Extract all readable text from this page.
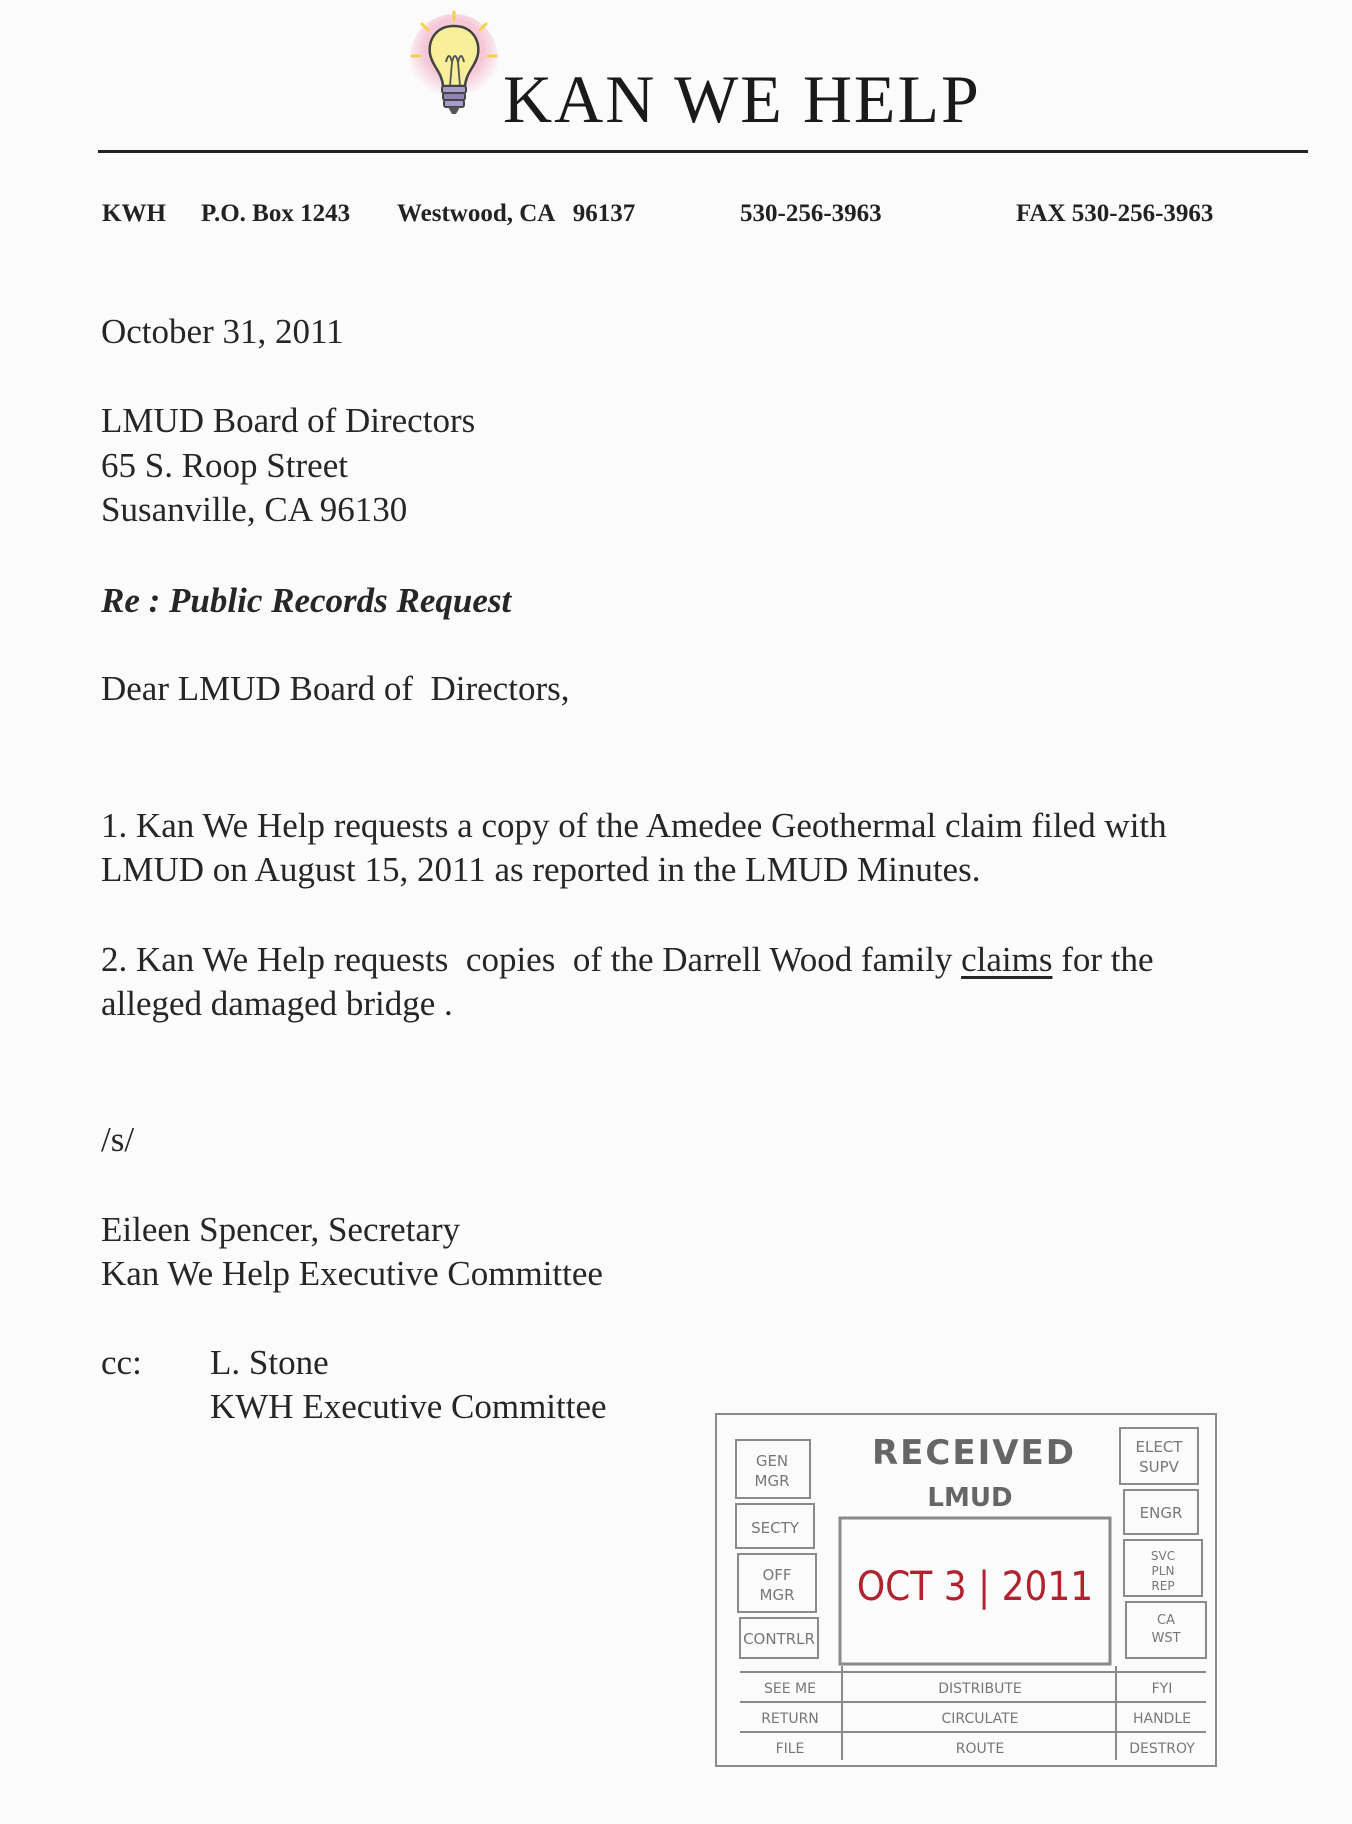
KAN WE HELP
KWH P.O. Box 1243 Westwood, CA   96137	530-256-3963	FAX 530-256-3963
October 31, 2011
LMUD Board of Directors
65 S. Roop Street
Susanville, CA 96130
Re : Public Records Request
Dear LMUD Board of  Directors,
1. Kan We Help requests a copy of the Amedee Geothermal claim filed with
LMUD on August 15, 2011 as reported in the LMUD Minutes.
2. Kan We Help requests  copies  of the Darrell Wood family claims for the
alleged damaged bridge .
/s/
Eileen Spencer, Secretary
Kan We Help Executive Committee
cc: L. Stone
KWH Executive Committee
GEN
MGR
SECTY
OFF
MGR
CONTRLR
ELECT
SUPV
ENGR
SVC
PLN
REP
CA
WST
RECEIVED
LMUD
OCT 3 | 2011
SEE ME
RETURN
FILE
DISTRIBUTE
CIRCULATE
ROUTE
FYI
HANDLE
DESTROY
